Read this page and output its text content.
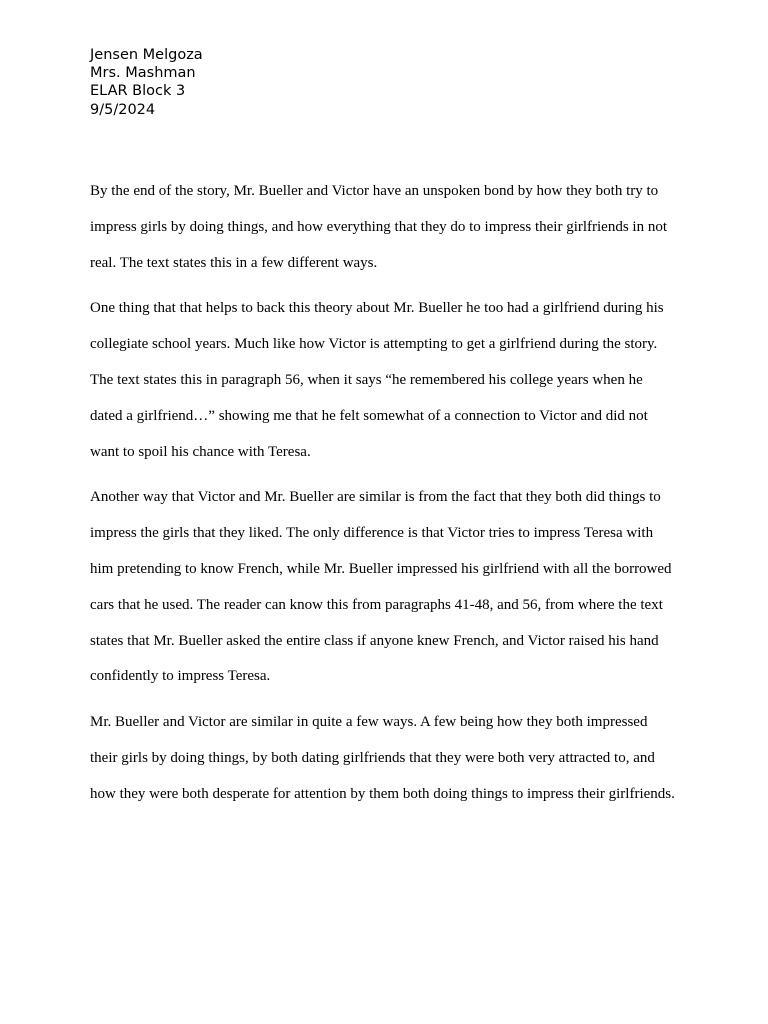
Jensen Melgoza
Mrs. Mashman
ELAR Block 3
9/5/2024

By the end of the story, Mr. Bueller and Victor have an unspoken bond by how they both try to
impress girls by doing things, and how everything that they do to impress their girlfriends in not
real. The text states this in a few different ways.

One thing that that helps to back this theory about Mr. Bueller he too had a girlfriend during his
collegiate school years. Much like how Victor is attempting to get a girlfriend during the story.
The text states this in paragraph 56, when it says “he remembered his college years when he
dated a girlfriend…” showing me that he felt somewhat of a connection to Victor and did not
want to spoil his chance with Teresa.

Another way that Victor and Mr. Bueller are similar is from the fact that they both did things to
impress the girls that they liked. The only difference is that Victor tries to impress Teresa with
him pretending to know French, while Mr. Bueller impressed his girlfriend with all the borrowed
cars that he used. The reader can know this from paragraphs 41-48, and 56, from where the text
states that Mr. Bueller asked the entire class if anyone knew French, and Victor raised his hand
confidently to impress Teresa.

Mr. Bueller and Victor are similar in quite a few ways. A few being how they both impressed
their girls by doing things, by both dating girlfriends that they were both very attracted to, and
how they were both desperate for attention by them both doing things to impress their girlfriends.
